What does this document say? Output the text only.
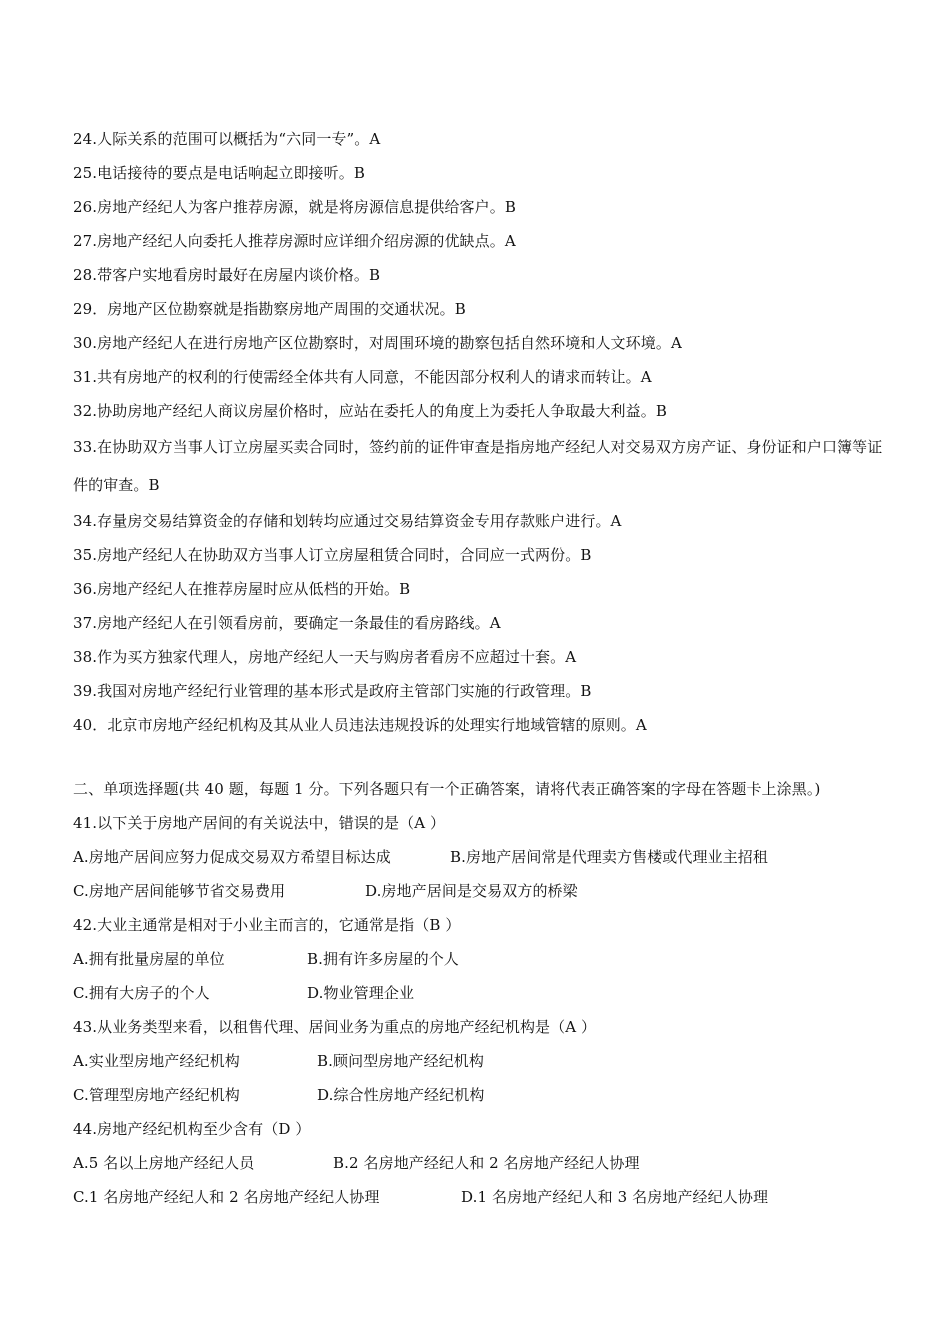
24.人际关系的范围可以概括为“六同一专”。A
25.电话接待的要点是电话响起立即接听。B
26.房地产经纪人为客户推荐房源，就是将房源信息提供给客户。B
27.房地产经纪人向委托人推荐房源时应详细介绍房源的优缺点。A
28.带客户实地看房时最好在房屋内谈价格。B
29．房地产区位勘察就是指勘察房地产周围的交通状况。B
30.房地产经纪人在进行房地产区位勘察时，对周围环境的勘察包括自然环境和人文环境。A
31.共有房地产的权利的行使需经全体共有人同意，不能因部分权利人的请求而转让。A
32.协助房地产经纪人商议房屋价格时，应站在委托人的角度上为委托人争取最大利益。B
33.在协助双方当事人订立房屋买卖合同时，签约前的证件审查是指房地产经纪人对交易双方房产证、身份证和户口簿等证件的审查。B
34.存量房交易结算资金的存储和划转均应通过交易结算资金专用存款账户进行。A
35.房地产经纪人在协助双方当事人订立房屋租赁合同时，合同应一式两份。B
36.房地产经纪人在推荐房屋时应从低档的开始。B
37.房地产经纪人在引领看房前，要确定一条最佳的看房路线。A
38.作为买方独家代理人，房地产经纪人一天与购房者看房不应超过十套。A
39.我国对房地产经纪行业管理的基本形式是政府主管部门实施的行政管理。B
40．北京市房地产经纪机构及其从业人员违法违规投诉的处理实行地域管辖的原则。A
二、单项选择题(共 40 题，每题 1 分。下列各题只有一个正确答案，请将代表正确答案的字母在答题卡上涂黑。)
41.以下关于房地产居间的有关说法中，错误的是（A ）
A.房地产居间应努力促成交易双方希望目标达成	B.房地产居间常是代理卖方售楼或代理业主招租
C.房地产居间能够节省交易费用	D.房地产居间是交易双方的桥梁
42.大业主通常是相对于小业主而言的，它通常是指（B ）
A.拥有批量房屋的单位	B.拥有许多房屋的个人
C.拥有大房子的个人	D.物业管理企业
43.从业务类型来看，以租售代理、居间业务为重点的房地产经纪机构是（A ）
A.实业型房地产经纪机构	B.顾问型房地产经纪机构
C.管理型房地产经纪机构	D.综合性房地产经纪机构
44.房地产经纪机构至少含有（D ）
A.5 名以上房地产经纪人员	B.2 名房地产经纪人和 2 名房地产经纪人协理
C.1 名房地产经纪人和 2 名房地产经纪人协理	D.1 名房地产经纪人和 3 名房地产经纪人协理
